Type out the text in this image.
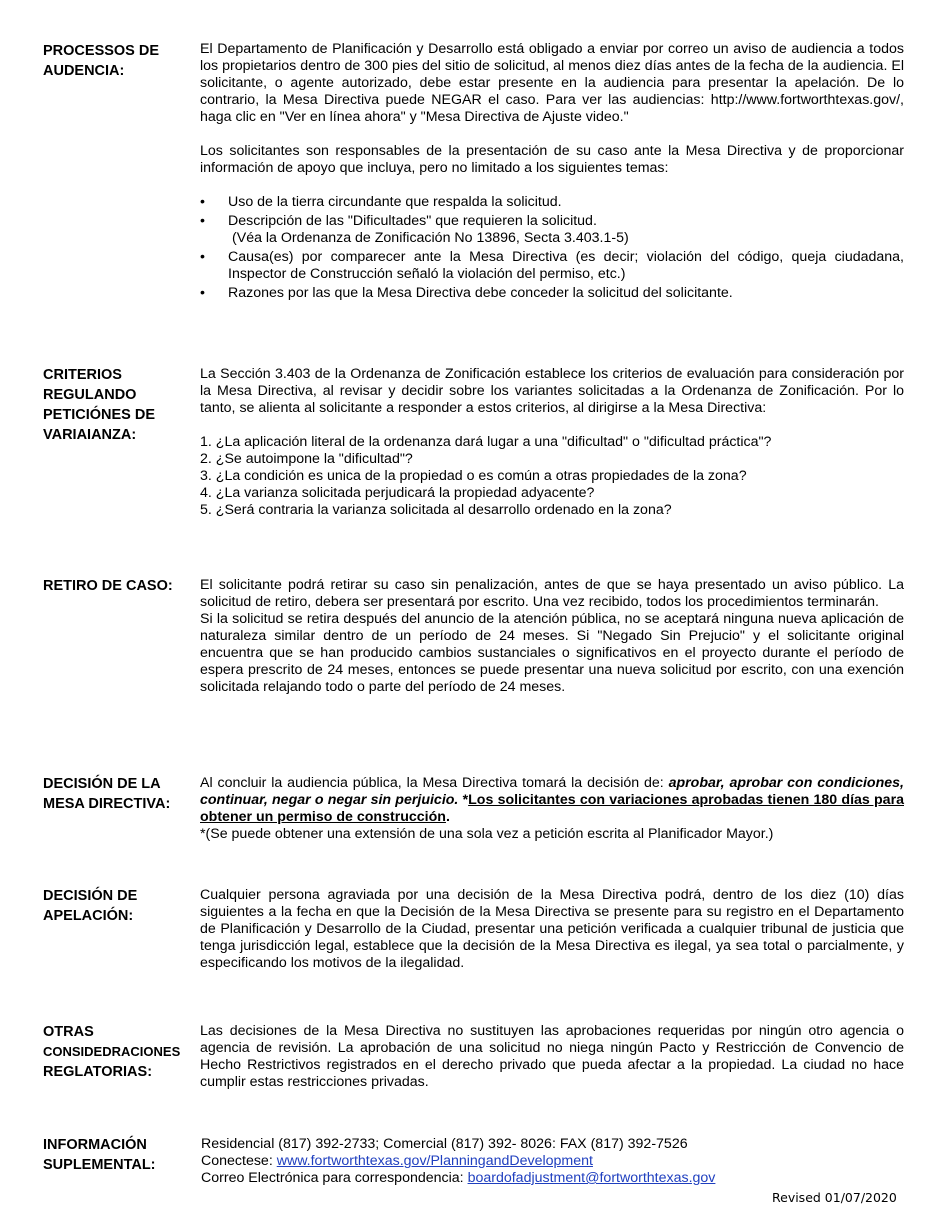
PROCESSOS DE
AUDENCIA:

El Departamento de Planificación y Desarrollo está obligado a enviar por correo un aviso de audiencia a todos los propietarios dentro de 300 pies del sitio de solicitud, al menos diez días antes de la fecha de la audiencia. El solicitante, o agente autorizado, debe estar presente en la audiencia para presentar la apelación. De lo contrario, la Mesa Directiva puede NEGAR el caso. Para ver las audiencias: http://www.fortworthtexas.gov/, haga clic en "Ver en línea ahora" y "Mesa Directiva de Ajuste video."

Los solicitantes son responsables de la presentación de su caso ante la Mesa Directiva y de proporcionar información de apoyo que incluya, pero no limitado a los siguientes temas:

• Uso de la tierra circundante que respalda la solicitud.
• Descripción de las "Dificultades" que requieren la solicitud.
(Véa la Ordenanza de Zonificación No 13896, Secta 3.403.1-5)
• Causa(es) por comparecer ante la Mesa Directiva (es decir; violación del código, queja ciudadana, Inspector de Construcción señaló la violación del permiso, etc.)
• Razones por las que la Mesa Directiva debe conceder la solicitud del solicitante.
CRITERIOS
REGULANDO
PETICIÓNES DE
VARIAIANZA:

La Sección 3.403 de la Ordenanza de Zonificación establece los criterios de evaluación para consideración por la Mesa Directiva, al revisar y decidir sobre los variantes solicitadas a la Ordenanza de Zonificación. Por lo tanto, se alienta al solicitante a responder a estos criterios, al dirigirse a la Mesa Directiva:

1. ¿La aplicación literal de la ordenanza dará lugar a una "dificultad" o "dificultad práctica"?
2. ¿Se autoimpone la "dificultad"?
3. ¿La condición es unica de la propiedad o es común a otras propiedades de la zona?
4. ¿La varianza solicitada perjudicará la propiedad adyacente?
5. ¿Será contraria la varianza solicitada al desarrollo ordenado en la zona?
RETIRO DE CASO:	El solicitante podrá retirar su caso sin penalización, antes de que se haya presentado un aviso público. La solicitud de retiro, debera ser presentará por escrito. Una vez recibido, todos los procedimientos terminarán.

Si la solicitud se retira después del anuncio de la atención pública, no se aceptará ninguna nueva aplicación de naturaleza similar dentro de un período de 24 meses. Si "Negado Sin Prejucio" y el solicitante original encuentra que se han producido cambios sustanciales o significativos en el proyecto durante el período de espera prescrito de 24 meses, entonces se puede presentar una nueva solicitud por escrito, con una exención solicitada relajando todo o parte del período de 24 meses.

DECISIÓN DE LA
MESA DIRECTIVA:

Al concluir la audiencia pública, la Mesa Directiva tomará la decisión de: aprobar, aprobar con condiciones, continuar, negar o negar sin perjuicio. *Los solicitantes con variaciones aprobadas tienen 180 días para obtener un permiso de construcción.

*(Se puede obtener una extensión de una sola vez a petición escrita al Planificador Mayor.)

DECISIÓN DE
APELACIÓN:

Cualquier persona agraviada por una decisión de la Mesa Directiva podrá, dentro de los diez (10) días siguientes a la fecha en que la Decisión de la Mesa Directiva se presente para su registro en el Departamento de Planificación y Desarrollo de la Ciudad, presentar una petición verificada a cualquier tribunal de justicia que tenga jurisdicción legal, establece que la decisión de la Mesa Directiva es ilegal, ya sea total o parcialmente, y especificando los motivos de la ilegalidad.

OTRAS
CONSIDEDRACIONES
REGLATORIAS:

Las decisiones de la Mesa Directiva no sustituyen las aprobaciones requeridas por ningún otro agencia o agencia de revisión. La aprobación de una solicitud no niega ningún Pacto y Restricción de Convencio de Hecho Restrictivos registrados en el derecho privado que pueda afectar a la propiedad. La ciudad no hace cumplir estas restricciones privadas.

INFORMACIÓN
SUPLEMENTAL:

Residencial (817) 392-2733; Comercial (817) 392- 8026: FAX (817) 392-7526

Conectese: www.fortworthtexas.gov/PlanningandDevelopment

Correo Electrónica para correspondencia: boardofadjustment@fortworthtexas.gov

Revised 01/07/2020
